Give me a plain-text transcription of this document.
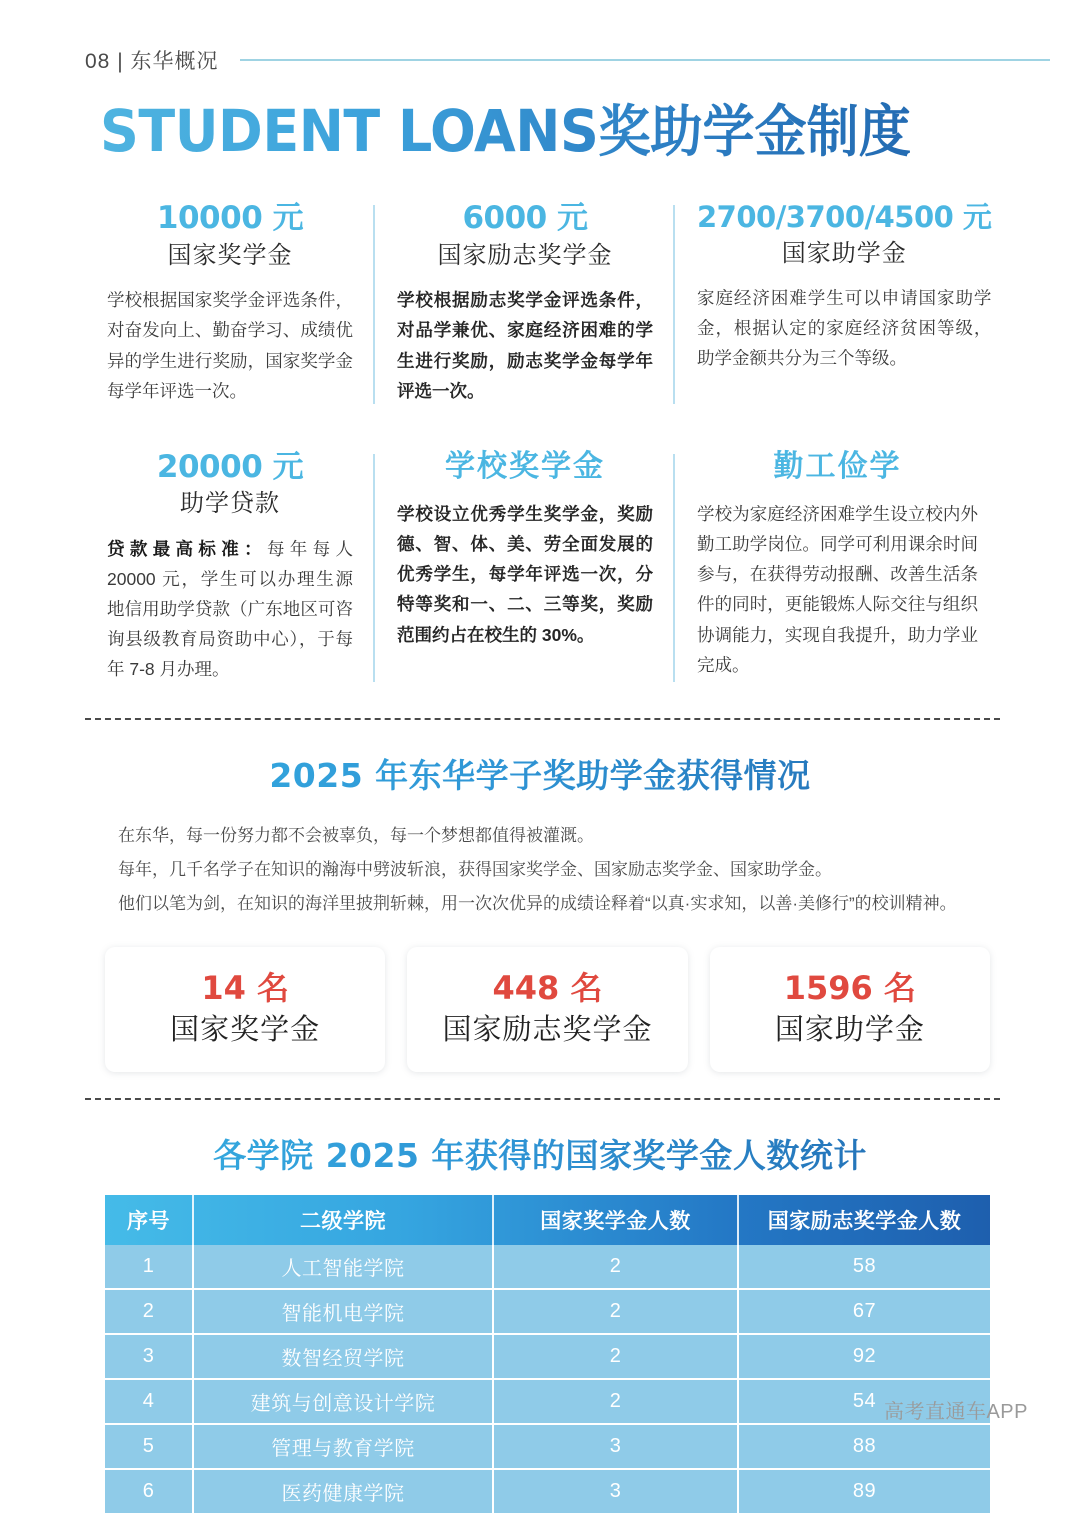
08 | 东华概况
STUDENT LOANS奖助学金制度
10000 元
国家奖学金
学校根据国家奖学金评选条件，对奋发向上、勤奋学习、成绩优异的学生进行奖励，国家奖学金每学年评选一次。
6000 元
国家励志奖学金
学校根据励志奖学金评选条件，对品学兼优、家庭经济困难的学生进行奖励，励志奖学金每学年评选一次。
2700/3700/4500 元
国家助学金
家庭经济困难学生可以申请国家助学金，根据认定的家庭经济贫困等级，助学金额共分为三个等级。
20000 元
助学贷款
贷款最高标准：每年每人 20000 元，学生可以办理生源地信用助学贷款（广东地区可咨询县级教育局资助中心），于每年 7-8 月办理。
学校奖学金
学校设立优秀学生奖学金，奖励德、智、体、美、劳全面发展的优秀学生，每学年评选一次，分特等奖和一、二、三等奖，奖励范围约占在校生的 30%。
勤工俭学
学校为家庭经济困难学生设立校内外勤工助学岗位。同学可利用课余时间参与，在获得劳动报酬、改善生活条件的同时，更能锻炼人际交往与组织协调能力，实现自我提升，助力学业完成。
2025 年东华学子奖助学金获得情况

在东华，每一份努力都不会被辜负，每一个梦想都值得被灌溉。

每年，几千名学子在知识的瀚海中劈波斩浪，获得国家奖学金、国家励志奖学金、国家助学金。

他们以笔为剑，在知识的海洋里披荆斩棘，用一次次优异的成绩诠释着“以真·实求知，以善·美修行”的校训精神。

14 名
国家奖学金
448 名
国家励志奖学金
1596 名
国家助学金
各学院 2025 年获得的国家奖学金人数统计
序号	二级学院	国家奖学金人数	国家励志奖学金人数
1	人工智能学院	2	58
2	智能机电学院	2	67
3	数智经贸学院	2	92
4	建筑与创意设计学院	2	54
5	管理与教育学院	3	88
6	医药健康学院	3	89
高考直通车APP
